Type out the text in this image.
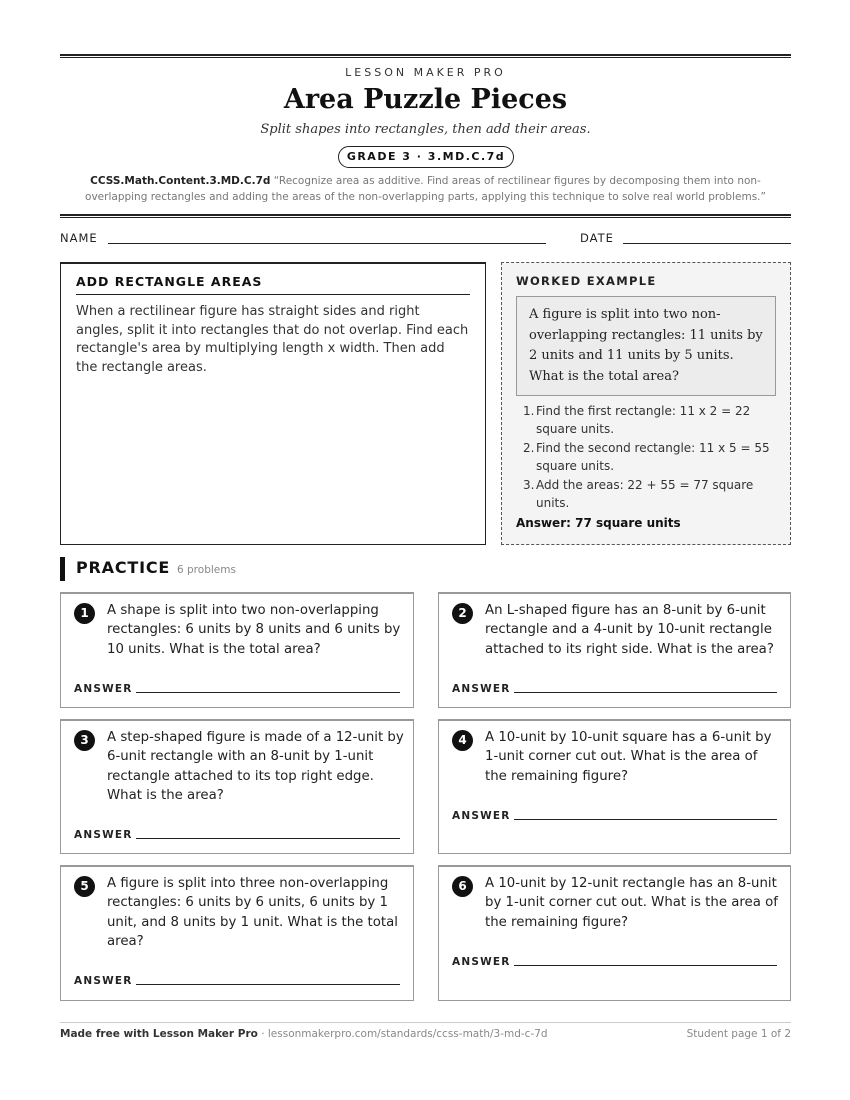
LESSON MAKER PRO
Area Puzzle Pieces
Split shapes into rectangles, then add their areas.
GRADE 3 · 3.MD.C.7d
CCSS.Math.Content.3.MD.C.7d “Recognize area as additive. Find areas of rectilinear figures by decomposing them into non-overlapping rectangles and adding the areas of the non-overlapping parts, applying this technique to solve real world problems.”
NAME	DATE
ADD RECTANGLE AREAS
When a rectilinear figure has straight sides and right angles, split it into rectangles that do not overlap. Find each rectangle's area by multiplying length x width. Then add the rectangle areas.
WORKED EXAMPLE
A figure is split into two non-overlapping rectangles: 11 units by 2 units and 11 units by 5 units. What is the total area?
1. Find the first rectangle: 11 x 2 = 22 square units.
2. Find the second rectangle: 11 x 5 = 55 square units.
3. Add the areas: 22 + 55 = 77 square units.
Answer: 77 square units
PRACTICE 6 problems
1	A shape is split into two non-overlapping rectangles: 6 units by 8 units and 6 units by 10 units. What is the total area?
ANSWER
2	An L-shaped figure has an 8-unit by 6-unit rectangle and a 4-unit by 10-unit rectangle attached to its right side. What is the area?
ANSWER
3	A step-shaped figure is made of a 12-unit by 6-unit rectangle with an 8-unit by 1-unit rectangle attached to its top right edge. What is the area?
ANSWER
4	A 10-unit by 10-unit square has a 6-unit by 1-unit corner cut out. What is the area of the remaining figure?
ANSWER
5	A figure is split into three non-overlapping rectangles: 6 units by 6 units, 6 units by 1 unit, and 8 units by 1 unit. What is the total area?
ANSWER
6	A 10-unit by 12-unit rectangle has an 8-unit by 1-unit corner cut out. What is the area of the remaining figure?
ANSWER
Made free with Lesson Maker Pro · lessonmakerpro.com/standards/ccss-math/3-md-c-7d	Student page 1 of 2
